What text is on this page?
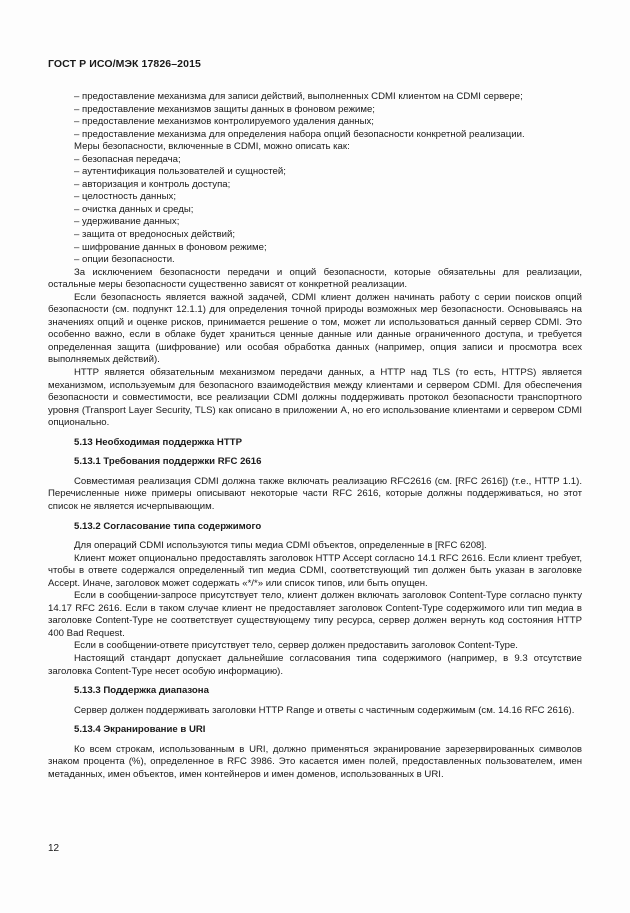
ГОСТ Р ИСО/МЭК 17826–2015
– предоставление механизма для записи действий, выполненных CDMI клиентом на CDMI сервере;
– предоставление механизмов защиты данных в фоновом режиме;
– предоставление механизмов контролируемого удаления данных;
– предоставление механизма для определения набора опций безопасности конкретной реализации.
Меры безопасности, включенные в CDMI, можно описать как:
– безопасная передача;
– аутентификация пользователей и сущностей;
– авторизация и контроль доступа;
– целостность данных;
– очистка данных и среды;
– удерживание данных;
– защита от вредоносных действий;
– шифрование данных в фоновом режиме;
– опции безопасности.
За исключением безопасности передачи и опций безопасности, которые обязательны для реализации, остальные меры безопасности существенно зависят от конкретной реализации.
Если безопасность является важной задачей, CDMI клиент должен начинать работу с серии поисков опций безопасности (см. подпункт 12.1.1) для определения точной природы возможных мер безопасности. Основываясь на значениях опций и оценке рисков, принимается решение о том, может ли использоваться данный сервер CDMI. Это особенно важно, если в облаке будет храниться ценные данные или данные ограниченного доступа, и требуется определенная защита (шифрование) или особая обработка данных (например, опция записи и просмотра всех выполняемых действий).
HTTP является обязательным механизмом передачи данных, а HTTP над TLS (то есть, HTTPS) является механизмом, используемым для безопасного взаимодействия между клиентами и сервером CDMI. Для обеспечения безопасности и совместимости, все реализации CDMI должны поддерживать протокол безопасности транспортного уровня (Transport Layer Security, TLS) как описано в приложении А, но его использование клиентами и сервером CDMI опционально.
5.13 Необходимая поддержка HTTP
5.13.1 Требования поддержки RFC 2616
Совместимая реализация CDMI должна также включать реализацию RFC2616 (см. [RFC 2616]) (т.е., HTTP 1.1). Перечисленные ниже примеры описывают некоторые части RFC 2616, которые должны поддерживаться, но этот список не является исчерпывающим.
5.13.2 Согласование типа содержимого
Для операций CDMI используются типы медиа CDMI объектов, определенные в [RFC 6208].
Клиент может опционально предоставлять заголовок HTTP Accept согласно 14.1 RFC 2616. Если клиент требует, чтобы в ответе содержался определенный тип медиа CDMI, соответствующий тип должен быть указан в заголовке Accept. Иначе, заголовок может содержать «*/*» или список типов, или быть опущен.
Если в сообщении-запросе присутствует тело, клиент должен включать заголовок Content-Type согласно пункту 14.17 RFC 2616. Если в таком случае клиент не предоставляет заголовок Content-Type содержимого или тип медиа в заголовке Content-Type не соответствует существующему типу ресурса, сервер должен вернуть код состояния HTTP 400 Bad Request.
Если в сообщении-ответе присутствует тело, сервер должен предоставить заголовок Content-Type.
Настоящий стандарт допускает дальнейшие согласования типа содержимого (например, в 9.3 отсутствие заголовка Content-Type несет особую информацию).
5.13.3 Поддержка диапазона
Сервер должен поддерживать заголовки HTTP Range и ответы с частичным содержимым (см. 14.16 RFC 2616).
5.13.4 Экранирование в URI
Ко всем строкам, использованным в URI, должно применяться экранирование зарезервированных символов знаком процента (%), определенное в RFC 3986. Это касается имен полей, предоставленных пользователем, имен метаданных, имен объектов, имен контейнеров и имен доменов, использованных в URI.
12
